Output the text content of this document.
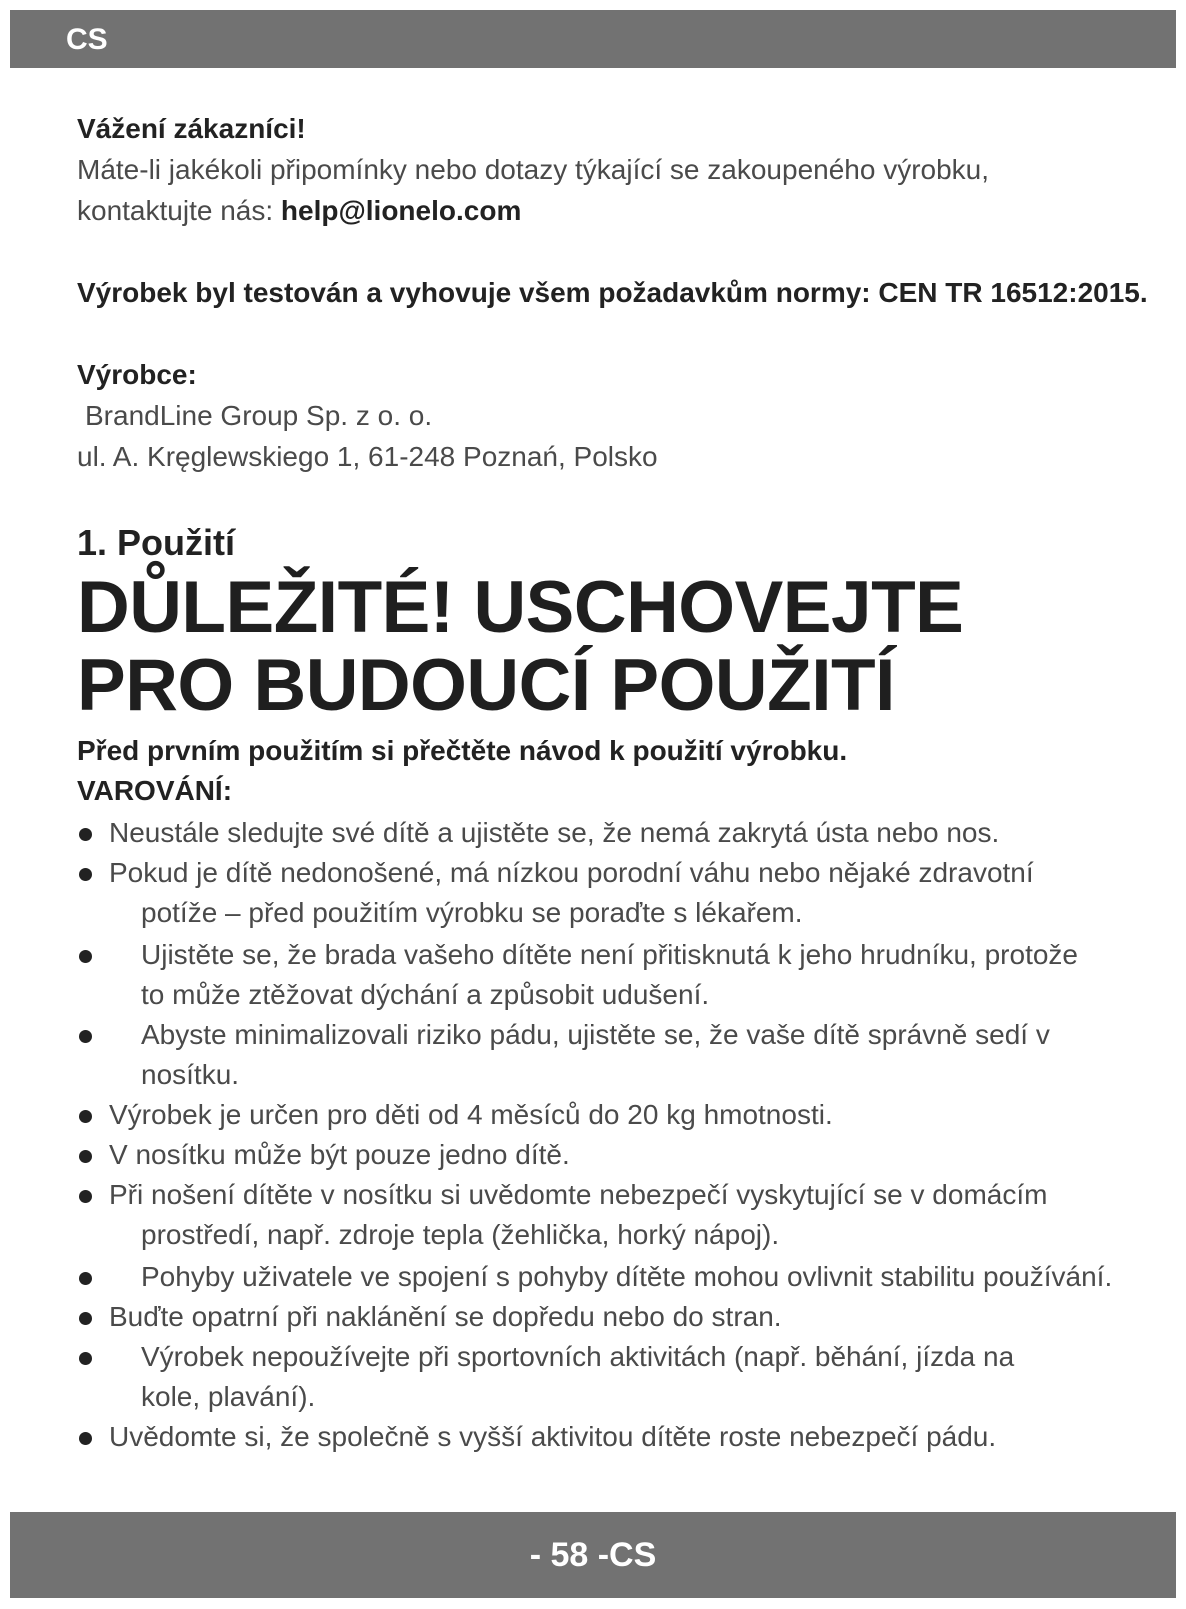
CS
Vážení zákazníci!
Máte-li jakékoli připomínky nebo dotazy týkající se zakoupeného výrobku,
kontaktujte nás: help@lionelo.com
Výrobek byl testován a vyhovuje všem požadavkům normy: CEN TR 16512:2015.
Výrobce:
BrandLine Group Sp. z o. o.
ul. A. Kręglewskiego 1, 61-248 Poznań, Polsko
1. Použití
DŮLEŽITÉ! USCHOVEJTE
PRO BUDOUCÍ POUŽITÍ
Před prvním použitím si přečtěte návod k použití výrobku.
VAROVÁNÍ:
Neustále sledujte své dítě a ujistěte se, že nemá zakrytá ústa nebo nos.
Pokud je dítě nedonošené, má nízkou porodní váhu nebo nějaké zdravotní
potíže – před použitím výrobku se poraďte s lékařem.
Ujistěte se, že brada vašeho dítěte není přitisknutá k jeho hrudníku, protože
to může ztěžovat dýchání a způsobit udušení.
Abyste minimalizovali riziko pádu, ujistěte se, že vaše dítě správně sedí v
nosítku.
Výrobek je určen pro děti od 4 měsíců do 20 kg hmotnosti.
V nosítku může být pouze jedno dítě.
Při nošení dítěte v nosítku si uvědomte nebezpečí vyskytující se v domácím
prostředí, např. zdroje tepla (žehlička, horký nápoj).
Pohyby uživatele ve spojení s pohyby dítěte mohou ovlivnit stabilitu používání.
Buďte opatrní při naklánění se dopředu nebo do stran.
Výrobek nepoužívejte při sportovních aktivitách (např. běhání, jízda na
kole, plavání).
Uvědomte si, že společně s vyšší aktivitou dítěte roste nebezpečí pádu.
- 58 -CS
